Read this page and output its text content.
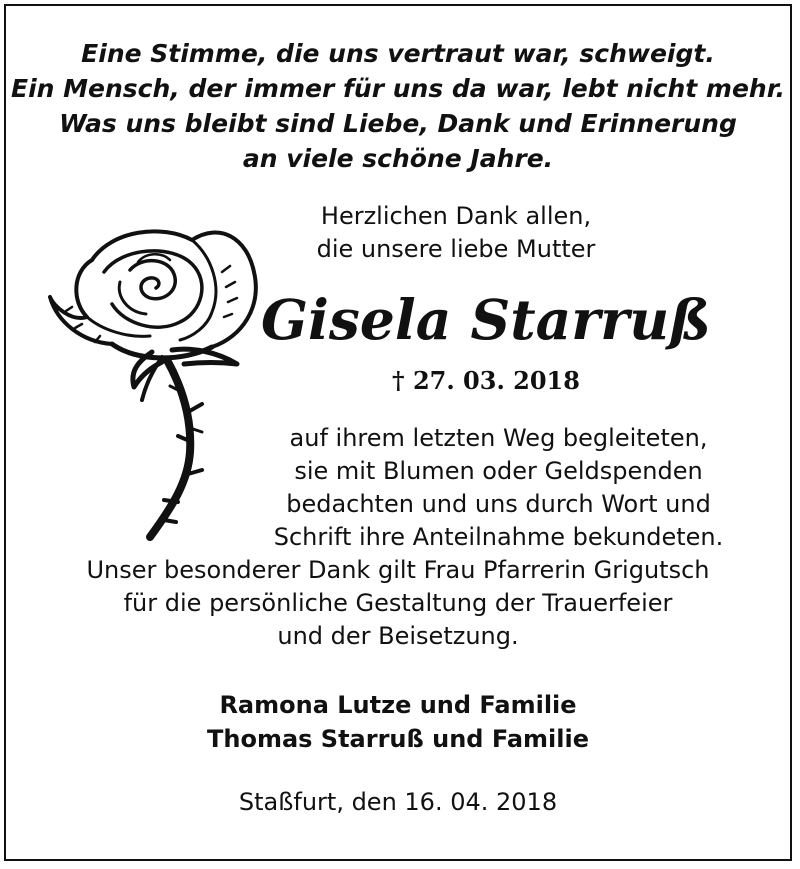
Eine Stimme, die uns vertraut war, schweigt.
Ein Mensch, der immer für uns da war, lebt nicht mehr.
Was uns bleibt sind Liebe, Dank und Erinnerung
an viele schöne Jahre.
Herzlichen Dank allen,
die unsere liebe Mutter
Gisela Starruß
† 27. 03. 2018
auf ihrem letzten Weg begleiteten,
sie mit Blumen oder Geldspenden
bedachten und uns durch Wort und
Schrift ihre Anteilnahme bekundeten.
Unser besonderer Dank gilt Frau Pfarrerin Grigutsch
für die persönliche Gestaltung der Trauerfeier
und der Beisetzung.
Ramona Lutze und Familie
Thomas Starruß und Familie
Staßfurt, den 16. 04. 2018
